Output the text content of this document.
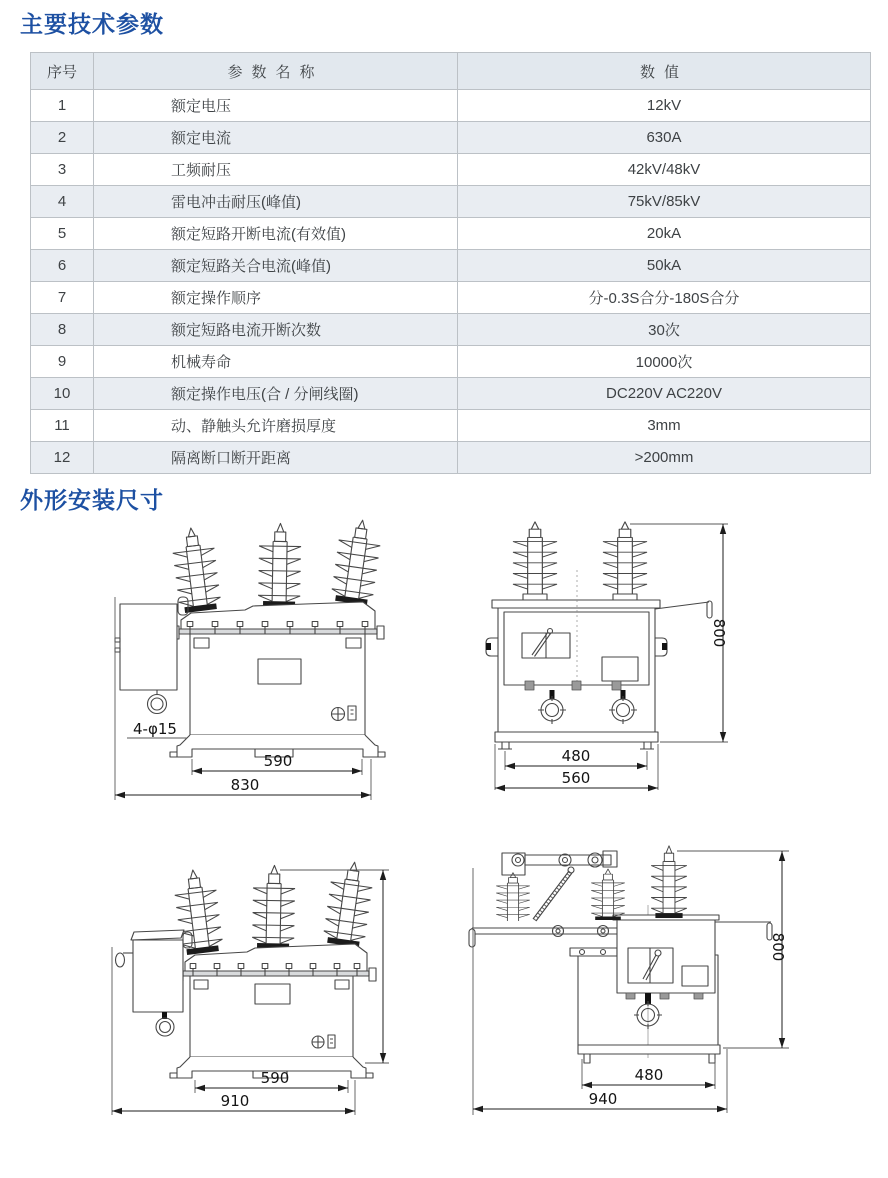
主要技术参数
序号	参数名称	数值
1	额定电压	12kV
2	额定电流	630A
3	工频耐压	42kV/48kV
4	雷电冲击耐压(峰值)	75kV/85kV
5	额定短路开断电流(有效值)	20kA
6	额定短路关合电流(峰值)	50kA
7	额定操作顺序	分-0.3S合分-180S合分
8	额定短路电流开断次数	30次
9	机械寿命	10000次
10	额定操作电压(合 / 分闸线圈)	DC220V AC220V
11	动、静触头允许磨损厚度	3mm
12	隔离断口断开距离	>200mm
外形安装尺寸
590
830
4-φ15
480
560
800
590
910
480
940
800
